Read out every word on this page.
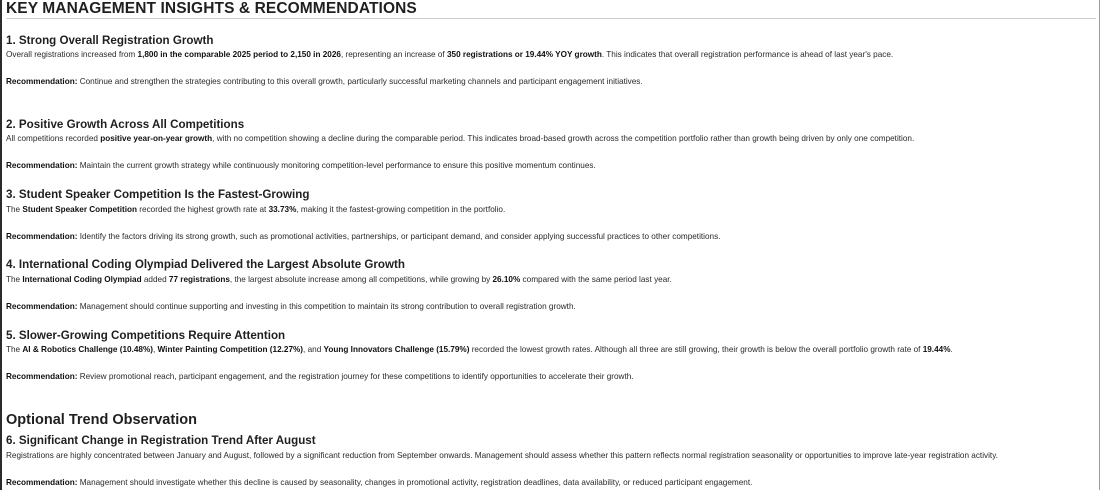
KEY MANAGEMENT INSIGHTS & RECOMMENDATIONS
1. Strong Overall Registration Growth
Overall registrations increased from 1,800 in the comparable 2025 period to 2,150 in 2026, representing an increase of 350 registrations or 19.44% YOY growth. This indicates that overall registration performance is ahead of last year's pace.
Recommendation: Continue and strengthen the strategies contributing to this overall growth, particularly successful marketing channels and participant engagement initiatives.
2. Positive Growth Across All Competitions
All competitions recorded positive year-on-year growth, with no competition showing a decline during the comparable period. This indicates broad-based growth across the competition portfolio rather than growth being driven by only one competition.
Recommendation: Maintain the current growth strategy while continuously monitoring competition-level performance to ensure this positive momentum continues.
3. Student Speaker Competition Is the Fastest-Growing
The Student Speaker Competition recorded the highest growth rate at 33.73%, making it the fastest-growing competition in the portfolio.
Recommendation: Identify the factors driving its strong growth, such as promotional activities, partnerships, or participant demand, and consider applying successful practices to other competitions.
4. International Coding Olympiad Delivered the Largest Absolute Growth
The International Coding Olympiad added 77 registrations, the largest absolute increase among all competitions, while growing by 26.10% compared with the same period last year.
Recommendation: Management should continue supporting and investing in this competition to maintain its strong contribution to overall registration growth.
5. Slower-Growing Competitions Require Attention
The AI & Robotics Challenge (10.48%), Winter Painting Competition (12.27%), and Young Innovators Challenge (15.79%) recorded the lowest growth rates. Although all three are still growing, their growth is below the overall portfolio growth rate of 19.44%.
Recommendation: Review promotional reach, participant engagement, and the registration journey for these competitions to identify opportunities to accelerate their growth.
Optional Trend Observation
6. Significant Change in Registration Trend After August
Registrations are highly concentrated between January and August, followed by a significant reduction from September onwards. Management should assess whether this pattern reflects normal registration seasonality or opportunities to improve late-year registration activity.
Recommendation: Management should investigate whether this decline is caused by seasonality, changes in promotional activity, registration deadlines, data availability, or reduced participant engagement.
